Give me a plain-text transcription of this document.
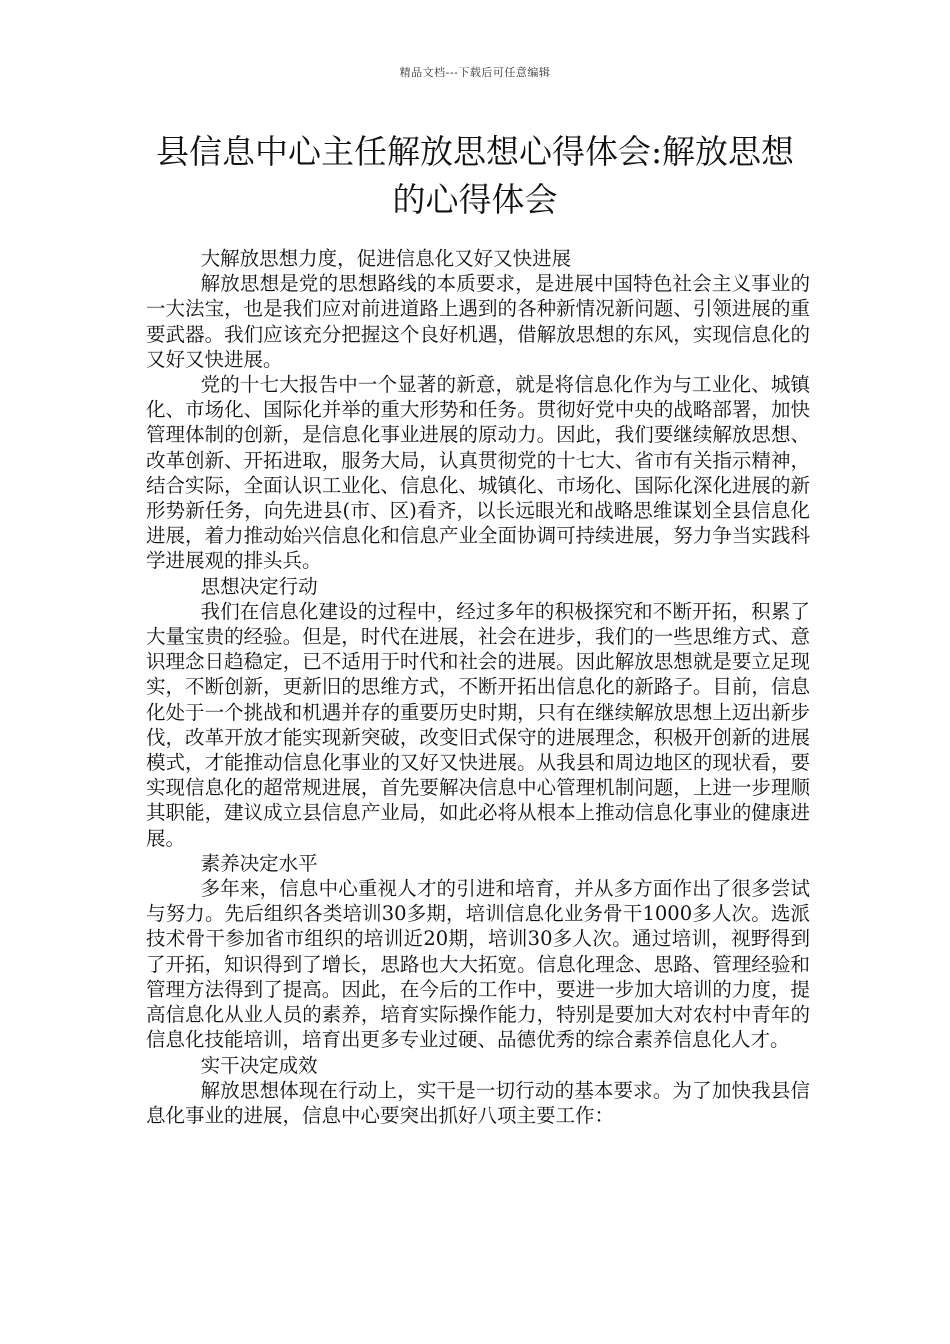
精品文档---下载后可任意编辑
县信息中心主任解放思想心得体会:解放思想的心得体会

大解放思想力度，促进信息化又好又快进展

解放思想是党的思想路线的本质要求，是进展中国特色社会主义事业的一大法宝，也是我们应对前进道路上遇到的各种新情况新问题、引领进展的重要武器。我们应该充分把握这个良好机遇，借解放思想的东风，实现信息化的又好又快进展。

党的十七大报告中一个显著的新意，就是将信息化作为与工业化、城镇化、市场化、国际化并举的重大形势和任务。贯彻好党中央的战略部署，加快管理体制的创新，是信息化事业进展的原动力。因此，我们要继续解放思想、改革创新、开拓进取，服务大局，认真贯彻党的十七大、省市有关指示精神，结合实际，全面认识工业化、信息化、城镇化、市场化、国际化深化进展的新形势新任务，向先进县(市、区)看齐，以长远眼光和战略思维谋划全县信息化进展，着力推动始兴信息化和信息产业全面协调可持续进展，努力争当实践科学进展观的排头兵。

思想决定行动

我们在信息化建设的过程中，经过多年的积极探究和不断开拓，积累了大量宝贵的经验。但是，时代在进展，社会在进步，我们的一些思维方式、意识理念日趋稳定，已不适用于时代和社会的进展。因此解放思想就是要立足现实，不断创新，更新旧的思维方式，不断开拓出信息化的新路子。目前，信息化处于一个挑战和机遇并存的重要历史时期，只有在继续解放思想上迈出新步伐，改革开放才能实现新突破，改变旧式保守的进展理念，积极开创新的进展模式，才能推动信息化事业的又好又快进展。从我县和周边地区的现状看，要实现信息化的超常规进展，首先要解决信息中心管理机制问题，上进一步理顺其职能，建议成立县信息产业局，如此必将从根本上推动信息化事业的健康进展。

素养决定水平

多年来，信息中心重视人才的引进和培育，并从多方面作出了很多尝试与努力。先后组织各类培训30多期，培训信息化业务骨干1000多人次。选派技术骨干参加省市组织的培训近20期，培训30多人次。通过培训，视野得到了开拓，知识得到了增长，思路也大大拓宽。信息化理念、思路、管理经验和管理方法得到了提高。因此，在今后的工作中，要进一步加大培训的力度，提高信息化从业人员的素养，培育实际操作能力，特别是要加大对农村中青年的信息化技能培训，培育出更多专业过硬、品德优秀的综合素养信息化人才。

实干决定成效

解放思想体现在行动上，实干是一切行动的基本要求。为了加快我县信息化事业的进展，信息中心要突出抓好八项主要工作：
